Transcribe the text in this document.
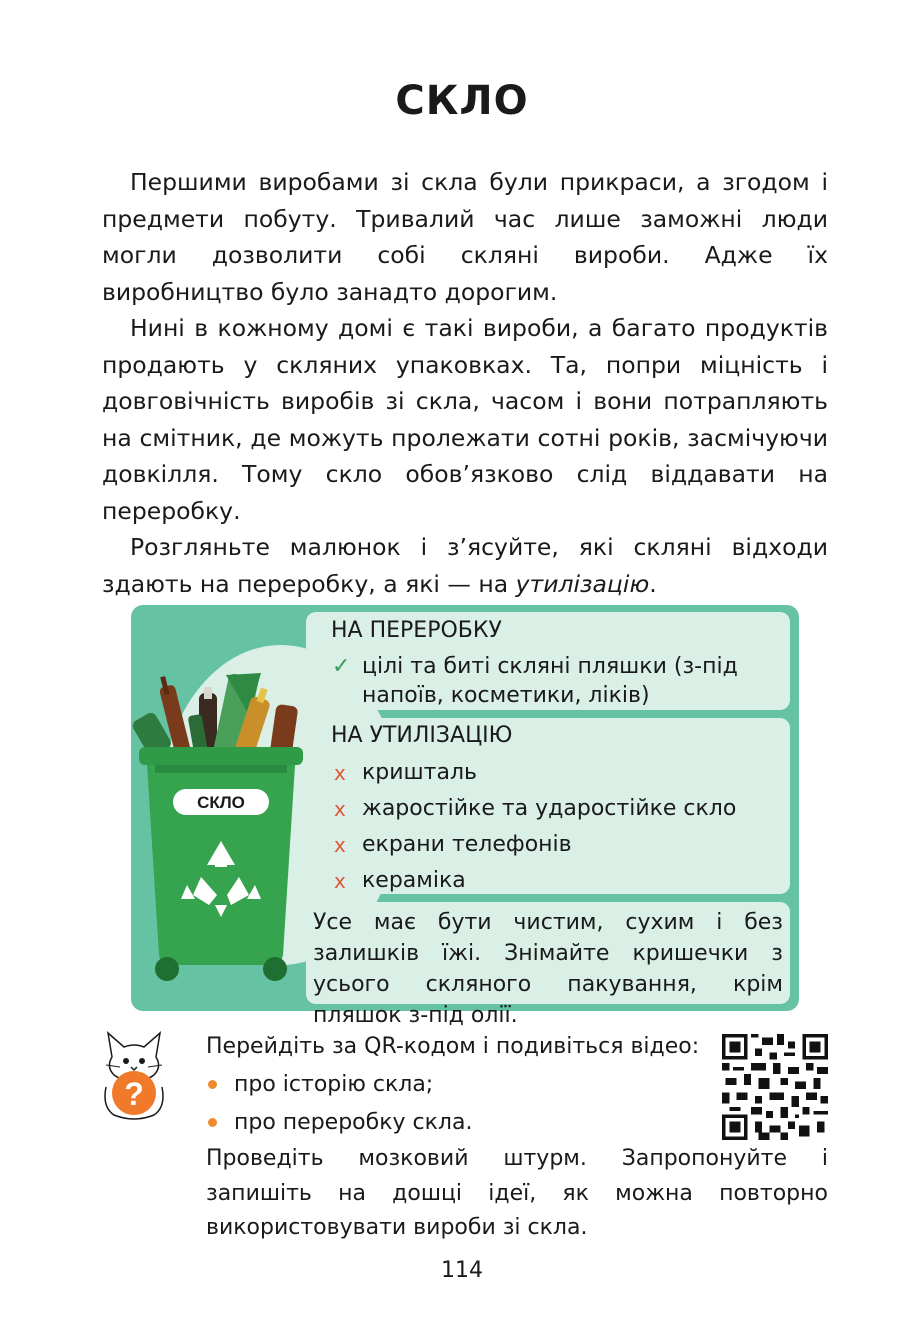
СКЛО

Першими виробами зі скла були прикраси, а згодом і предмети побуту. Тривалий час лише заможні люди могли дозволити собі скляні вироби. Адже їх виробництво було занадто дорогим.

Нині в кожному домі є такі вироби, а багато продуктів продають у скляних упаковках. Та, попри міцність і довговічність виробів зі скла, часом і вони потрапляють на смітник, де можуть пролежати сотні років, засмічуючи довкілля. Тому скло обов’язково слід віддавати на переробку.

Розгляньте малюнок і з’ясуйте, які скляні відходи здають на переробку, а які — на утилізацію.

СКЛО
НА ПЕРЕРОБКУ
✓ цілі та биті скляні пляшки (з-під напоїв, косметики, ліків)
НА УТИЛІЗАЦІЮ
x кришталь
x жаростійке та ударостійке скло
x екрани телефонів
x кераміка
Усе має бути чистим, сухим і без залишків їжі. Знімайте кришечки з усього скляного пакування, крім пляшок з-під олії.
?
Перейдіть за QR-кодом і подивіться відео:
про історію скла;
про переробку скла.

Проведіть мозковий штурм. Запропонуйте і запишіть на дошці ідеї, як можна повторно використовувати вироби зі скла.

114
